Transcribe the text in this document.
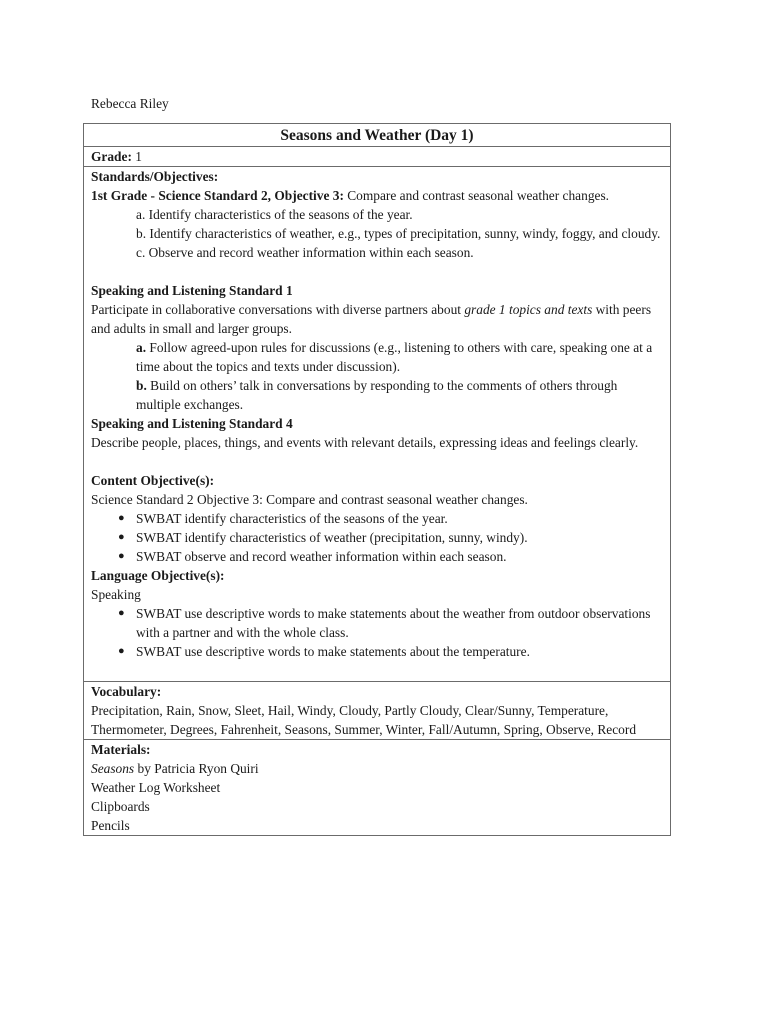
Rebecca Riley
Seasons and Weather (Day 1)
Grade: 1

Standards/Objectives:
1st Grade - Science Standard 2, Objective 3: Compare and contrast seasonal weather changes.
a. Identify characteristics of the seasons of the year.
b. Identify characteristics of weather, e.g., types of precipitation, sunny, windy, foggy, and cloudy.
c. Observe and record weather information within each season.
Speaking and Listening Standard 1
Participate in collaborative conversations with diverse partners about grade 1 topics and texts with peers and adults in small and larger groups.
a. Follow agreed-upon rules for discussions (e.g., listening to others with care, speaking one at a time about the topics and texts under discussion).
b. Build on others’ talk in conversations by responding to the comments of others through multiple exchanges.
Speaking and Listening Standard 4
Describe people, places, things, and events with relevant details, expressing ideas and feelings clearly.
Content Objective(s):
Science Standard 2 Objective 3: Compare and contrast seasonal weather changes.
● SWBAT identify characteristics of the seasons of the year.
● SWBAT identify characteristics of weather (precipitation, sunny, windy).
● SWBAT observe and record weather information within each season.
Language Objective(s):
Speaking
● SWBAT use descriptive words to make statements about the weather from outdoor observations with a partner and with the whole class.
● SWBAT use descriptive words to make statements about the temperature.

Vocabulary:
Precipitation, Rain, Snow, Sleet, Hail, Windy, Cloudy, Partly Cloudy, Clear/Sunny, Temperature, Thermometer, Degrees, Fahrenheit, Seasons, Summer, Winter, Fall/Autumn, Spring, Observe, Record

Materials:
Seasons by Patricia Ryon Quiri
Weather Log Worksheet
Clipboards
Pencils
